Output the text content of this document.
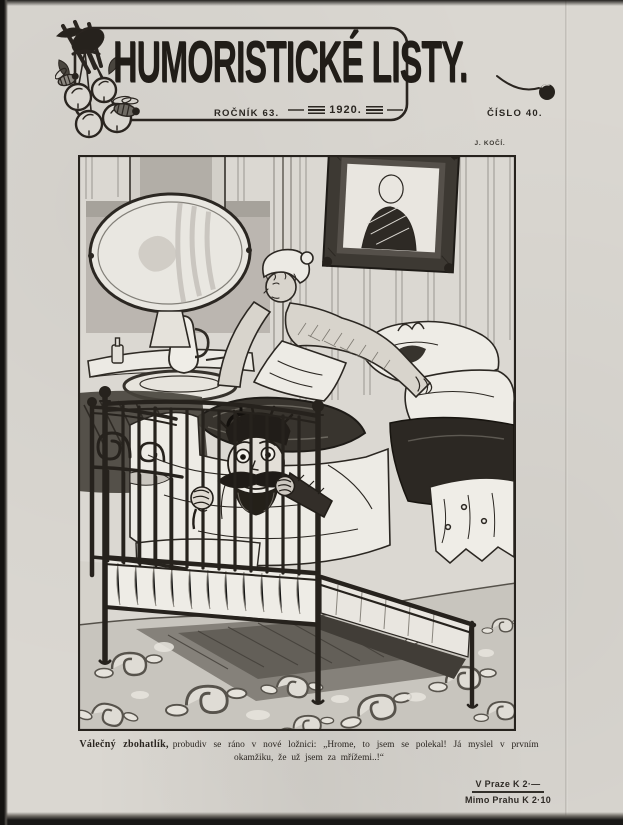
HUMORISTICKÉ LISTY.
ROČNÍK 63.	1920.	ČÍSLO 40.
J. KOČÍ.
Válečný zbohatlík, probudiv se ráno v nové ložnici: „Hrome, to jsem se polekal! Já myslel v prvním
okamžiku, že už jsem za mřížemi..!“
V Praze K 2·—
Mimo Prahu K 2·10
